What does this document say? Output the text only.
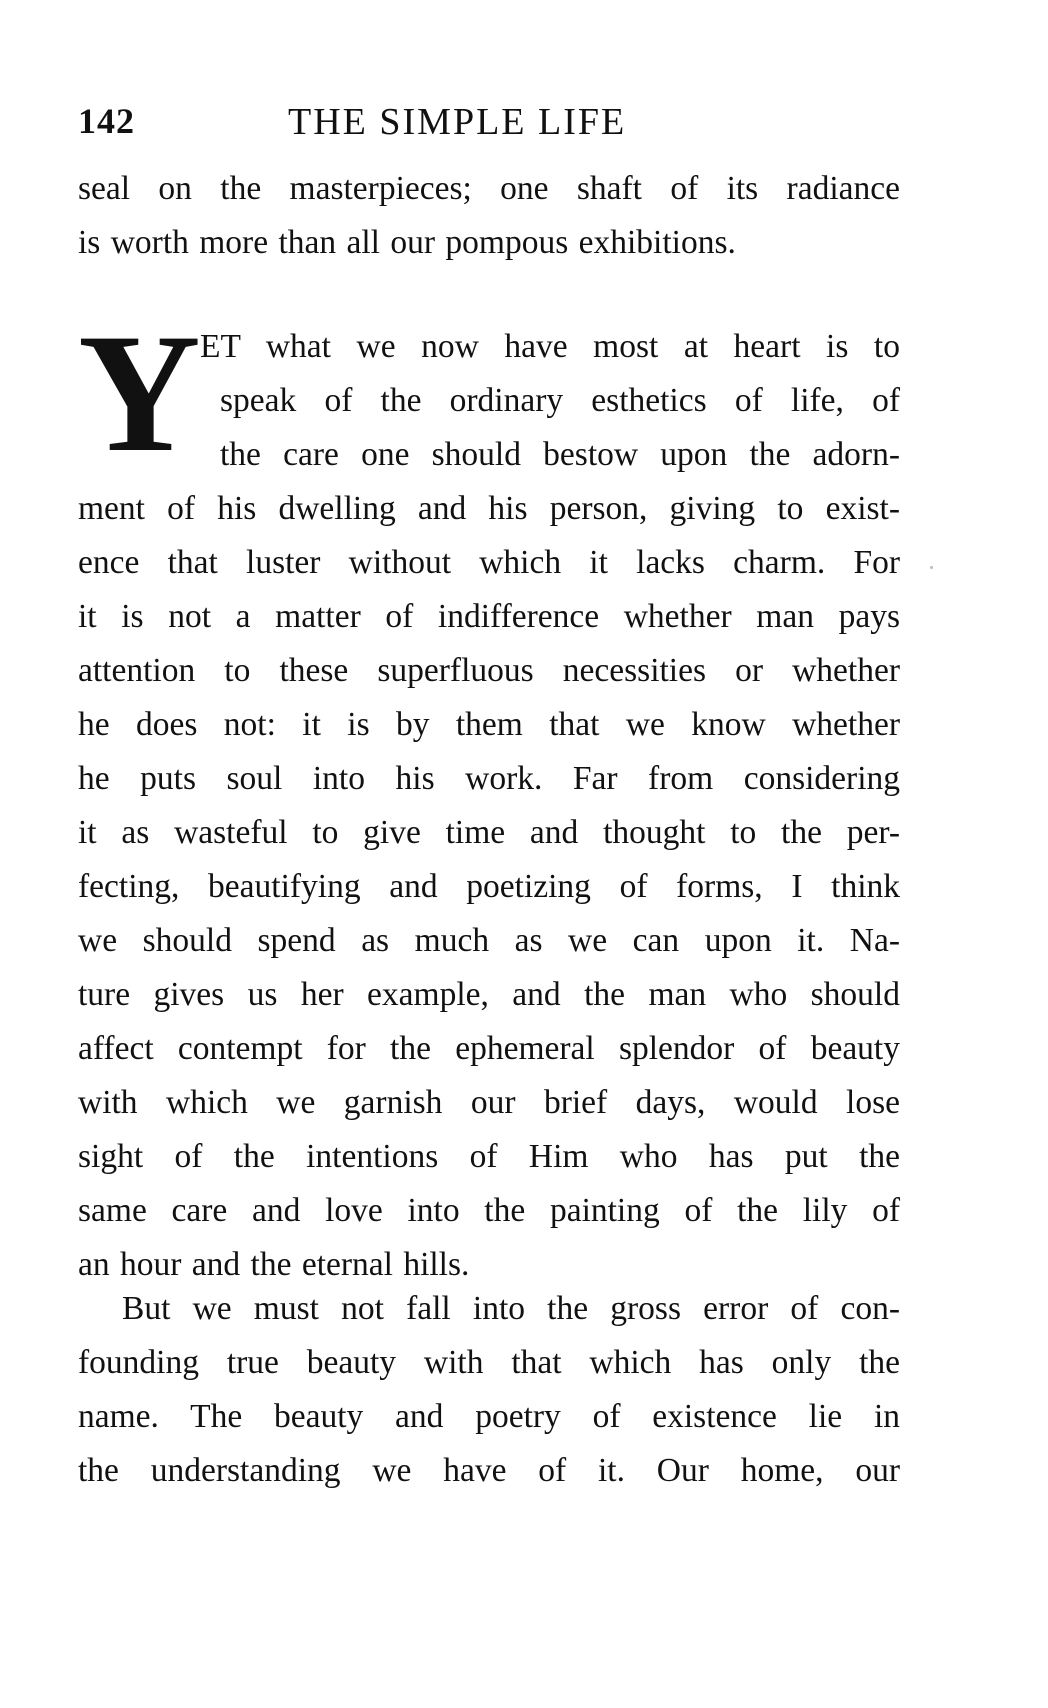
142	THE SIMPLE LIFE
seal on the masterpieces; one shaft of its radiance
is worth more than all our pompous exhibitions.
Y ET what we now have most at heart is to
speak of the ordinary esthetics of life, of
the care one should bestow upon the adorn-
ment of his dwelling and his person, giving to exist-
ence that luster without which it lacks charm. For
it is not a matter of indifference whether man pays
attention to these superfluous necessities or whether
he does not: it is by them that we know whether
he puts soul into his work. Far from considering
it as wasteful to give time and thought to the per-
fecting, beautifying and poetizing of forms, I think
we should spend as much as we can upon it. Na-
ture gives us her example, and the man who should
affect contempt for the ephemeral splendor of beauty
with which we garnish our brief days, would lose
sight of the intentions of Him who has put the
same care and love into the painting of the lily of
an hour and the eternal hills.
But we must not fall into the gross error of con-
founding true beauty with that which has only the
name. The beauty and poetry of existence lie in
the understanding we have of it. Our home, our
